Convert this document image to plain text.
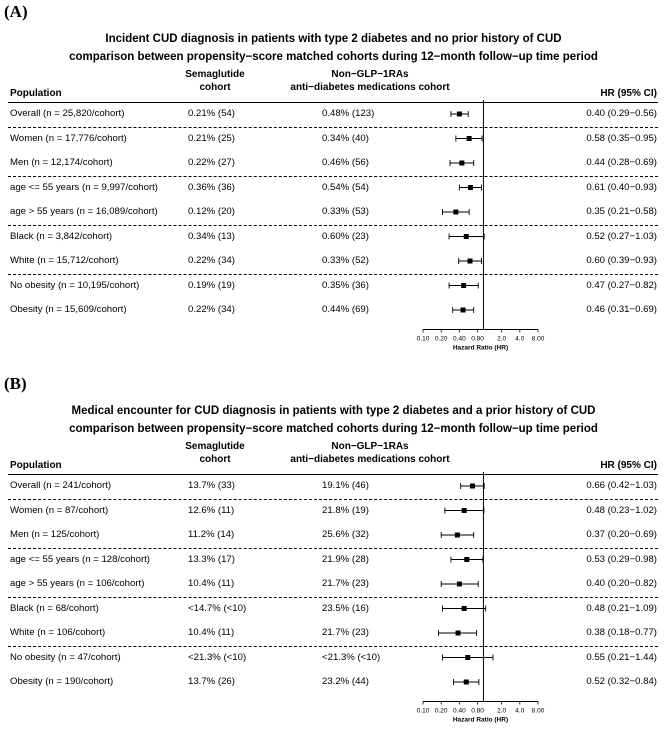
(A)
Incident CUD diagnosis in patients with type 2 diabetes and no prior history of CUD
comparison between propensity−score matched cohorts during 12−month follow−up time period
Population
Semaglutide
cohort
Non−GLP−1RAs
anti−diabetes medications cohort
HR (95% CI)
Overall (n = 25,820/cohort)	0.21% (54)	0.48% (123)	0.40 (0.29−0.56)
Women (n = 17,776/cohort)	0.21% (25)	0.34% (40)	0.58 (0.35−0.95)
Men (n = 12,174/cohort)	0.22% (27)	0.46% (56)	0.44 (0.28−0.69)
age <= 55 years (n = 9,997/cohort)	0.36% (36)	0.54% (54)	0.61 (0.40−0.93)
age > 55 years (n = 16,089/cohort)	0.12% (20)	0.33% (53)	0.35 (0.21−0.58)
Black (n = 3,842/cohort)	0.34% (13)	0.60% (23)	0.52 (0.27−1.03)
White (n = 15,712/cohort)	0.22% (34)	0.33% (52)	0.60 (0.39−0.93)
No obesity (n = 10,195/cohort)	0.19% (19)	0.35% (36)	0.47 (0.27−0.82)
Obesity (n = 15,609/cohort)	0.22% (34)	0.44% (69)	0.46 (0.31−0.69)
0.10 0.20 0.40 0.80 2.0 4.0 8.00
Hazard Ratio (HR)
(B)
Medical encounter for CUD diagnosis in patients with type 2 diabetes and a prior history of CUD
comparison between propensity−score matched cohorts during 12−month follow−up time period
Population
Semaglutide
cohort
Non−GLP−1RAs
anti−diabetes medications cohort
HR (95% CI)
Overall (n = 241/cohort)	13.7% (33)	19.1% (46)	0.66 (0.42−1.03)
Women (n = 87/cohort)	12.6% (11)	21.8% (19)	0.48 (0.23−1.02)
Men (n = 125/cohort)	11.2% (14)	25.6% (32)	0.37 (0.20−0.69)
age <= 55 years (n = 128/cohort)	13.3% (17)	21.9% (28)	0.53 (0.29−0.98)
age > 55 years (n = 106/cohort)	10.4% (11)	21.7% (23)	0.40 (0.20−0.82)
Black (n = 68/cohort)	<14.7% (<10)	23.5% (16)	0.48 (0.21−1.09)
White (n = 106/cohort)	10.4% (11)	21.7% (23)	0.38 (0.18−0.77)
No obesity (n = 47/cohort)	<21.3% (<10)	<21.3% (<10)	0.55 (0.21−1.44)
Obesity (n = 190/cohort)	13.7% (26)	23.2% (44)	0.52 (0.32−0.84)
0.10 0.20 0.40 0.80 2.0 4.0 8.00
Hazard Ratio (HR)
